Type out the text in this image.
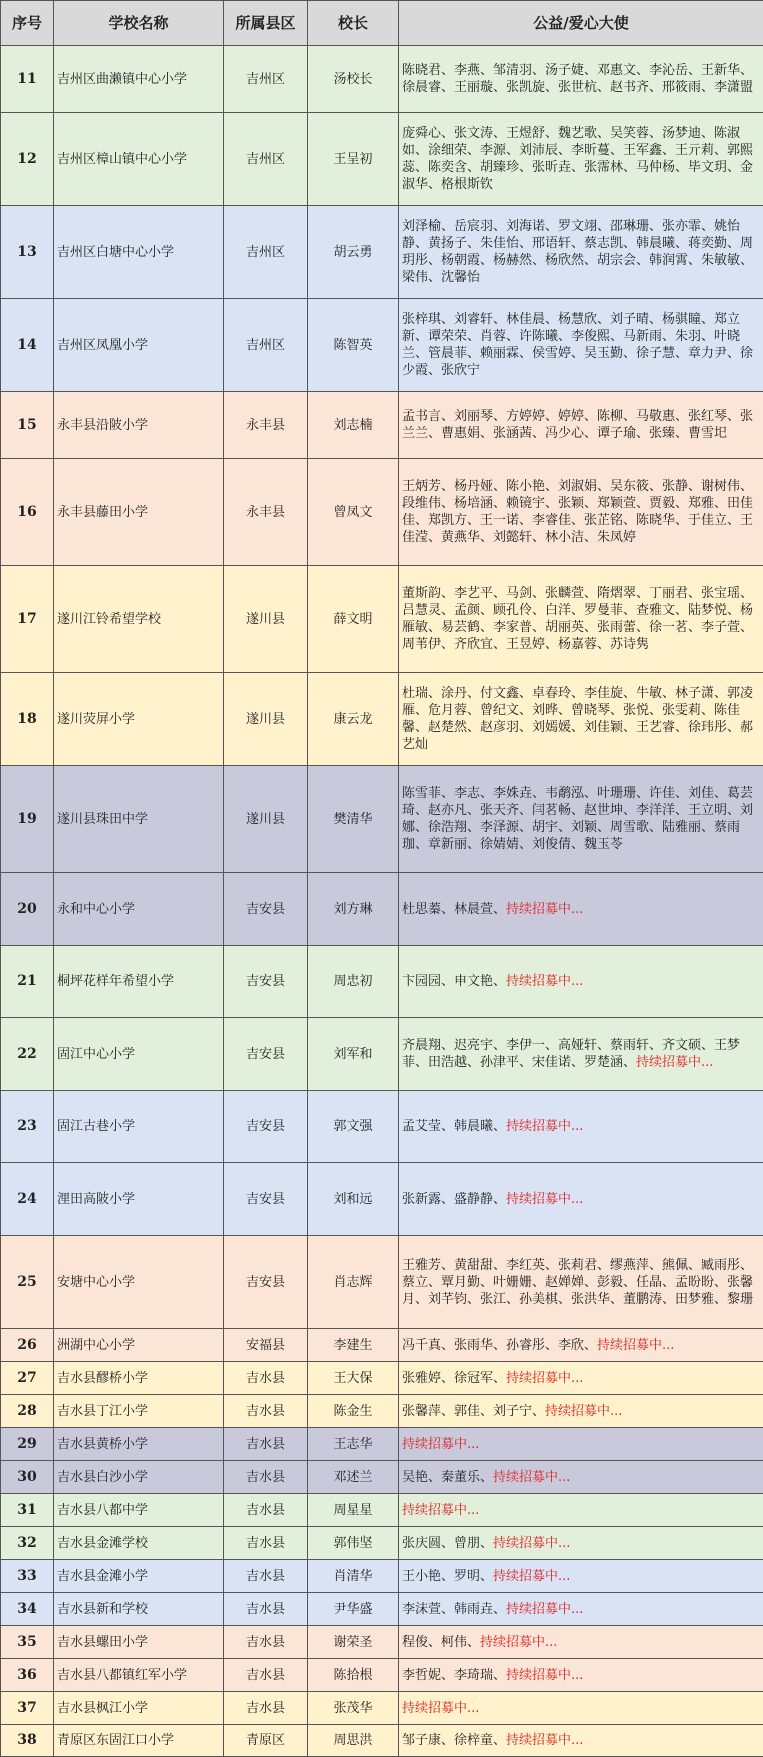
序号	学校名称	所属县区	校长	公益/爱心大使
11	吉州区曲濑镇中心小学	吉州区	汤校长	陈晓君、李燕、邹清羽、汤子婕、邓惠文、李沁岳、王新华、徐晨睿、王丽璇、张凯旋、张世杭、赵书齐、邢筱雨、李潇盟
12	吉州区樟山镇中心小学	吉州区	王呈初	庞舜心、张文涛、王煜舒、魏艺歌、吴笑蓉、汤梦迪、陈淑如、涂细荣、李源、刘沛辰、李昕蔓、王军鑫、王亓莉、郭熙蕊、陈奕含、胡臻珍、张昕垚、张霈林、马仲杨、毕文玥、金淑华、格根斯钦
13	吉州区白塘中心小学	吉州区	胡云勇	刘泽榆、岳宸羽、刘海诺、罗文翊、邵琳珊、张亦霏、姚怡静、黄扬子、朱佳怡、邢语轩、蔡志凯、韩晨曦、蒋奕勤、周玥彤、杨朝霞、杨赫然、杨欣然、胡宗会、韩润霄、朱敏敏、梁伟、沈馨怡
14	吉州区凤凰小学	吉州区	陈智英	张梓琪、刘睿轩、林佳晨、杨慧欣、刘子晴、杨骐瞳、郑立新、谭荣荣、肖蓉、许陈曦、李俊熙、马新雨、朱羽、叶晓兰、管晨菲、赖丽霖、侯雪婷、吴玉勤、徐子慧、章力尹、徐少霞、张欣宁
15	永丰县沿陂小学	永丰县	刘志楠	孟书言、刘丽琴、方婷婷、婷婷、陈柳、马敬惠、张红琴、张兰兰、曹惠娟、张涵茜、冯少心、谭子瑜、张臻、曹雪圯
16	永丰县藤田小学	永丰县	曾凤文	王炳芳、杨丹娅、陈小艳、刘淑娟、吴东筱、张静、谢树伟、段维伟、杨培涵、赖镜宇、张颖、郑颖萱、贾毅、郑雅、田佳佳、郑凯方、王一诺、李睿佳、张芷铭、陈晓华、于佳立、王佳滢、黄燕华、刘懿轩、林小洁、朱凤婷
17	遂川江铃希望学校	遂川县	薛文明	董斯韵、李艺平、马剑、张麟萱、隋熠翠、丁丽君、张宝瑶、吕慧灵、孟颜、顾孔伶、白洋、罗曼菲、查雅文、陆梦悦、杨雁敏、易芸鹤、李家普、胡丽英、张雨蕾、徐一茗、李子萱、周苇伊、齐欣宜、王昱婷、杨嘉蓉、苏诗隽
18	遂川荧屏小学	遂川县	康云龙	杜瑞、涂丹、付文鑫、卓春玲、李佳旋、牛敏、林子潇、郭凌雁、危月蓉、曾纪文、刘晔、曾晓琴、张悦、张雯莉、陈佳馨、赵楚然、赵彦羽、刘嫣媛、刘佳颖、王艺睿、徐玮彤、郝艺灿
19	遂川县珠田中学	遂川县	樊清华	陈雪菲、李志、李姝垚、韦鹬泓、叶珊珊、许佳、刘佳、葛芸琦、赵亦凡、张天齐、闫茗畅、赵世坤、李洋洋、王立明、刘娜、徐浩翔、李泽源、胡宇、刘颖、周雪歌、陆雅丽、蔡雨珈、章新丽、徐婧婧、刘俊倩、魏玉苓
20	永和中心小学	吉安县	刘方琳	杜思蓁、林晨萱、持续招募中...
21	桐坪花样年希望小学	吉安县	周忠初	卞园园、申文艳、持续招募中...
22	固江中心小学	吉安县	刘军和	齐晨翔、迟亮宇、李伊一、高娅轩、蔡雨轩、齐文硕、王梦菲、田浩越、孙津平、宋佳诺、罗楚涵、持续招募中...
23	固江古巷小学	吉安县	郭文强	孟艾莹、韩晨曦、持续招募中...
24	浬田高陂小学	吉安县	刘和远	张新露、盛静静、持续招募中...
25	安塘中心小学	吉安县	肖志辉	王雅芳、黄甜甜、李红英、张莉君、缪燕萍、熊佩、臧雨彤、蔡立、覃月勤、叶姗姗、赵婵婵、彭毅、任晶、孟盼盼、张馨月、刘芊钧、张江、孙美棋、张洪华、董鹏涛、田梦雅、黎珊
26	洲湖中心小学	安福县	李建生	冯千真、张雨华、孙睿彤、李欣、持续招募中...
27	吉水县醪桥小学	吉水县	王大保	张雅婷、徐冠军、持续招募中...
28	吉水县丁江小学	吉水县	陈金生	张馨萍、郭佳、刘子宁、持续招募中...
29	吉水县黄桥小学	吉水县	王志华	持续招募中...
30	吉水县白沙小学	吉水县	邓述兰	吴艳、秦董乐、持续招募中...
31	吉水县八都中学	吉水县	周星星	持续招募中...
32	吉水县金滩学校	吉水县	郭伟坚	张庆圆、曾朋、持续招募中...
33	吉水县金滩小学	吉水县	肖清华	王小艳、罗明、持续招募中...
34	吉水县新和学校	吉水县	尹华盛	李沫萱、韩雨垚、持续招募中...
35	吉水县螺田小学	吉水县	谢荣圣	程俊、柯伟、持续招募中...
36	吉水县八都镇红军小学	吉水县	陈拾根	李哲妮、李琦瑞、持续招募中...
37	吉水县枫江小学	吉水县	张茂华	持续招募中...
38	青原区东固江口小学	青原区	周思洪	邹子康、徐梓童、持续招募中...
